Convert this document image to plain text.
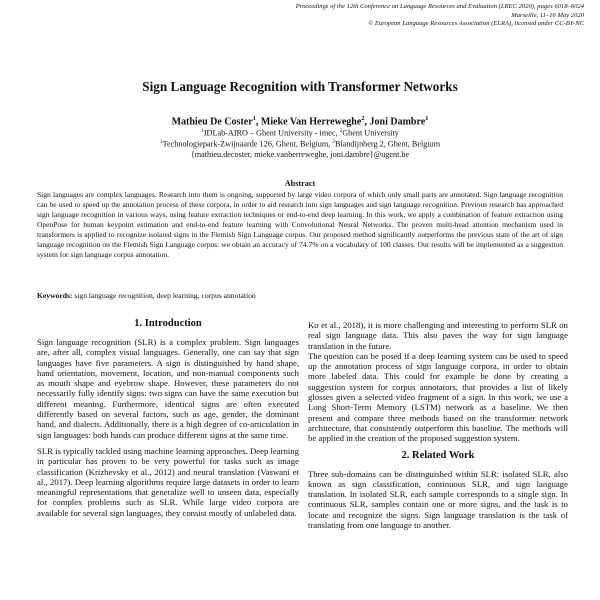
Proceedings of the 12th Conference on Language Resources and Evaluation (LREC 2020), pages 6018–6024
Marseille, 11–16 May 2020
© European Language Resources Association (ELRA), licensed under CC-BY-NC
Sign Language Recognition with Transformer Networks
Mathieu De Coster$^1$, Mieke Van Herreweghe$^2$, Joni Dambre$^1$
$^1$IDLab-AIRO – Ghent University - imec, $^2$Ghent University
$^1$Technologiepark-Zwijnaarde 126, Ghent, Belgium, $^2$Blandijnberg 2, Ghent, Belgium
{mathieu.decoster, mieke.vanherreweghe, joni.dambre}@ugent.be
Abstract
Sign languages are complex languages. Research into them is ongoing, supported by large video corpora of which only small parts are annotated. Sign language recognition can be used to speed up the annotation process of these corpora, in order to aid research into sign languages and sign language recognition. Previous research has approached sign language recognition in various ways, using feature extraction techniques or end-to-end deep learning. In this work, we apply a combination of feature extraction using OpenPose for human keypoint estimation and end-to-end feature learning with Convolutional Neural Networks. The proven multi-head attention mechanism used in transformers is applied to recognize isolated signs in the Flemish Sign Language corpus. Our proposed method significantly outperforms the previous state of the art of sign language recognition on the Flemish Sign Language corpus: we obtain an accuracy of 74.7% on a vocabulary of 100 classes. Our results will be implemented as a suggestion system for sign language corpus annotation.
Keywords: sign language recognition, deep learning, corpus annotation
1. Introduction

Sign language recognition (SLR) is a complex problem. Sign languages are, after all, complex visual languages. Generally, one can say that sign languages have five parameters. A sign is distinguished by hand shape, hand orientation, movement, location, and non-manual components such as mouth shape and eyebrow shape. However, these parameters do not necessarily fully identify signs: two signs can have the same execution but different meaning. Furthermore, identical signs are often executed differently based on several factors, such as age, gender, the dominant hand, and dialects. Additionally, there is a high degree of co-articulation in sign languages: both hands can produce different signs at the same time.

SLR is typically tackled using machine learning approaches. Deep learning in particular has proven to be very powerful for tasks such as image classification (Krizhevsky et al., 2012) and neural translation (Vaswani et al., 2017). Deep learning algorithms require large datasets in order to learn meaningful representations that generalize well to unseen data, especially for complex problems such as SLR. While large video corpora are available for several sign languages, they consist mostly of unlabeled data.

Ko et al., 2018), it is more challenging and interesting to perform SLR on real sign language data. This also paves the way for sign language translation in the future.

The question can be posed if a deep learning system can be used to speed up the annotation process of sign language corpora, in order to obtain more labeled data. This could for example be done by creating a suggestion system for corpus annotators, that provides a list of likely glosses given a selected video fragment of a sign. In this work, we use a Long Short-Term Memory (LSTM) network as a baseline. We then present and compare three methods based on the transformer network architecture, that consistently outperform this baseline. The methods will be applied in the creation of the proposed suggestion system.

2. Related Work

Three sub-domains can be distinguished within SLR: isolated SLR, also known as sign classification, continuous SLR, and sign language translation. In isolated SLR, each sample corresponds to a single sign. In continuous SLR, samples contain one or more signs, and the task is to locate and recognize the signs. Sign language translation is the task of translating from one language to another.
